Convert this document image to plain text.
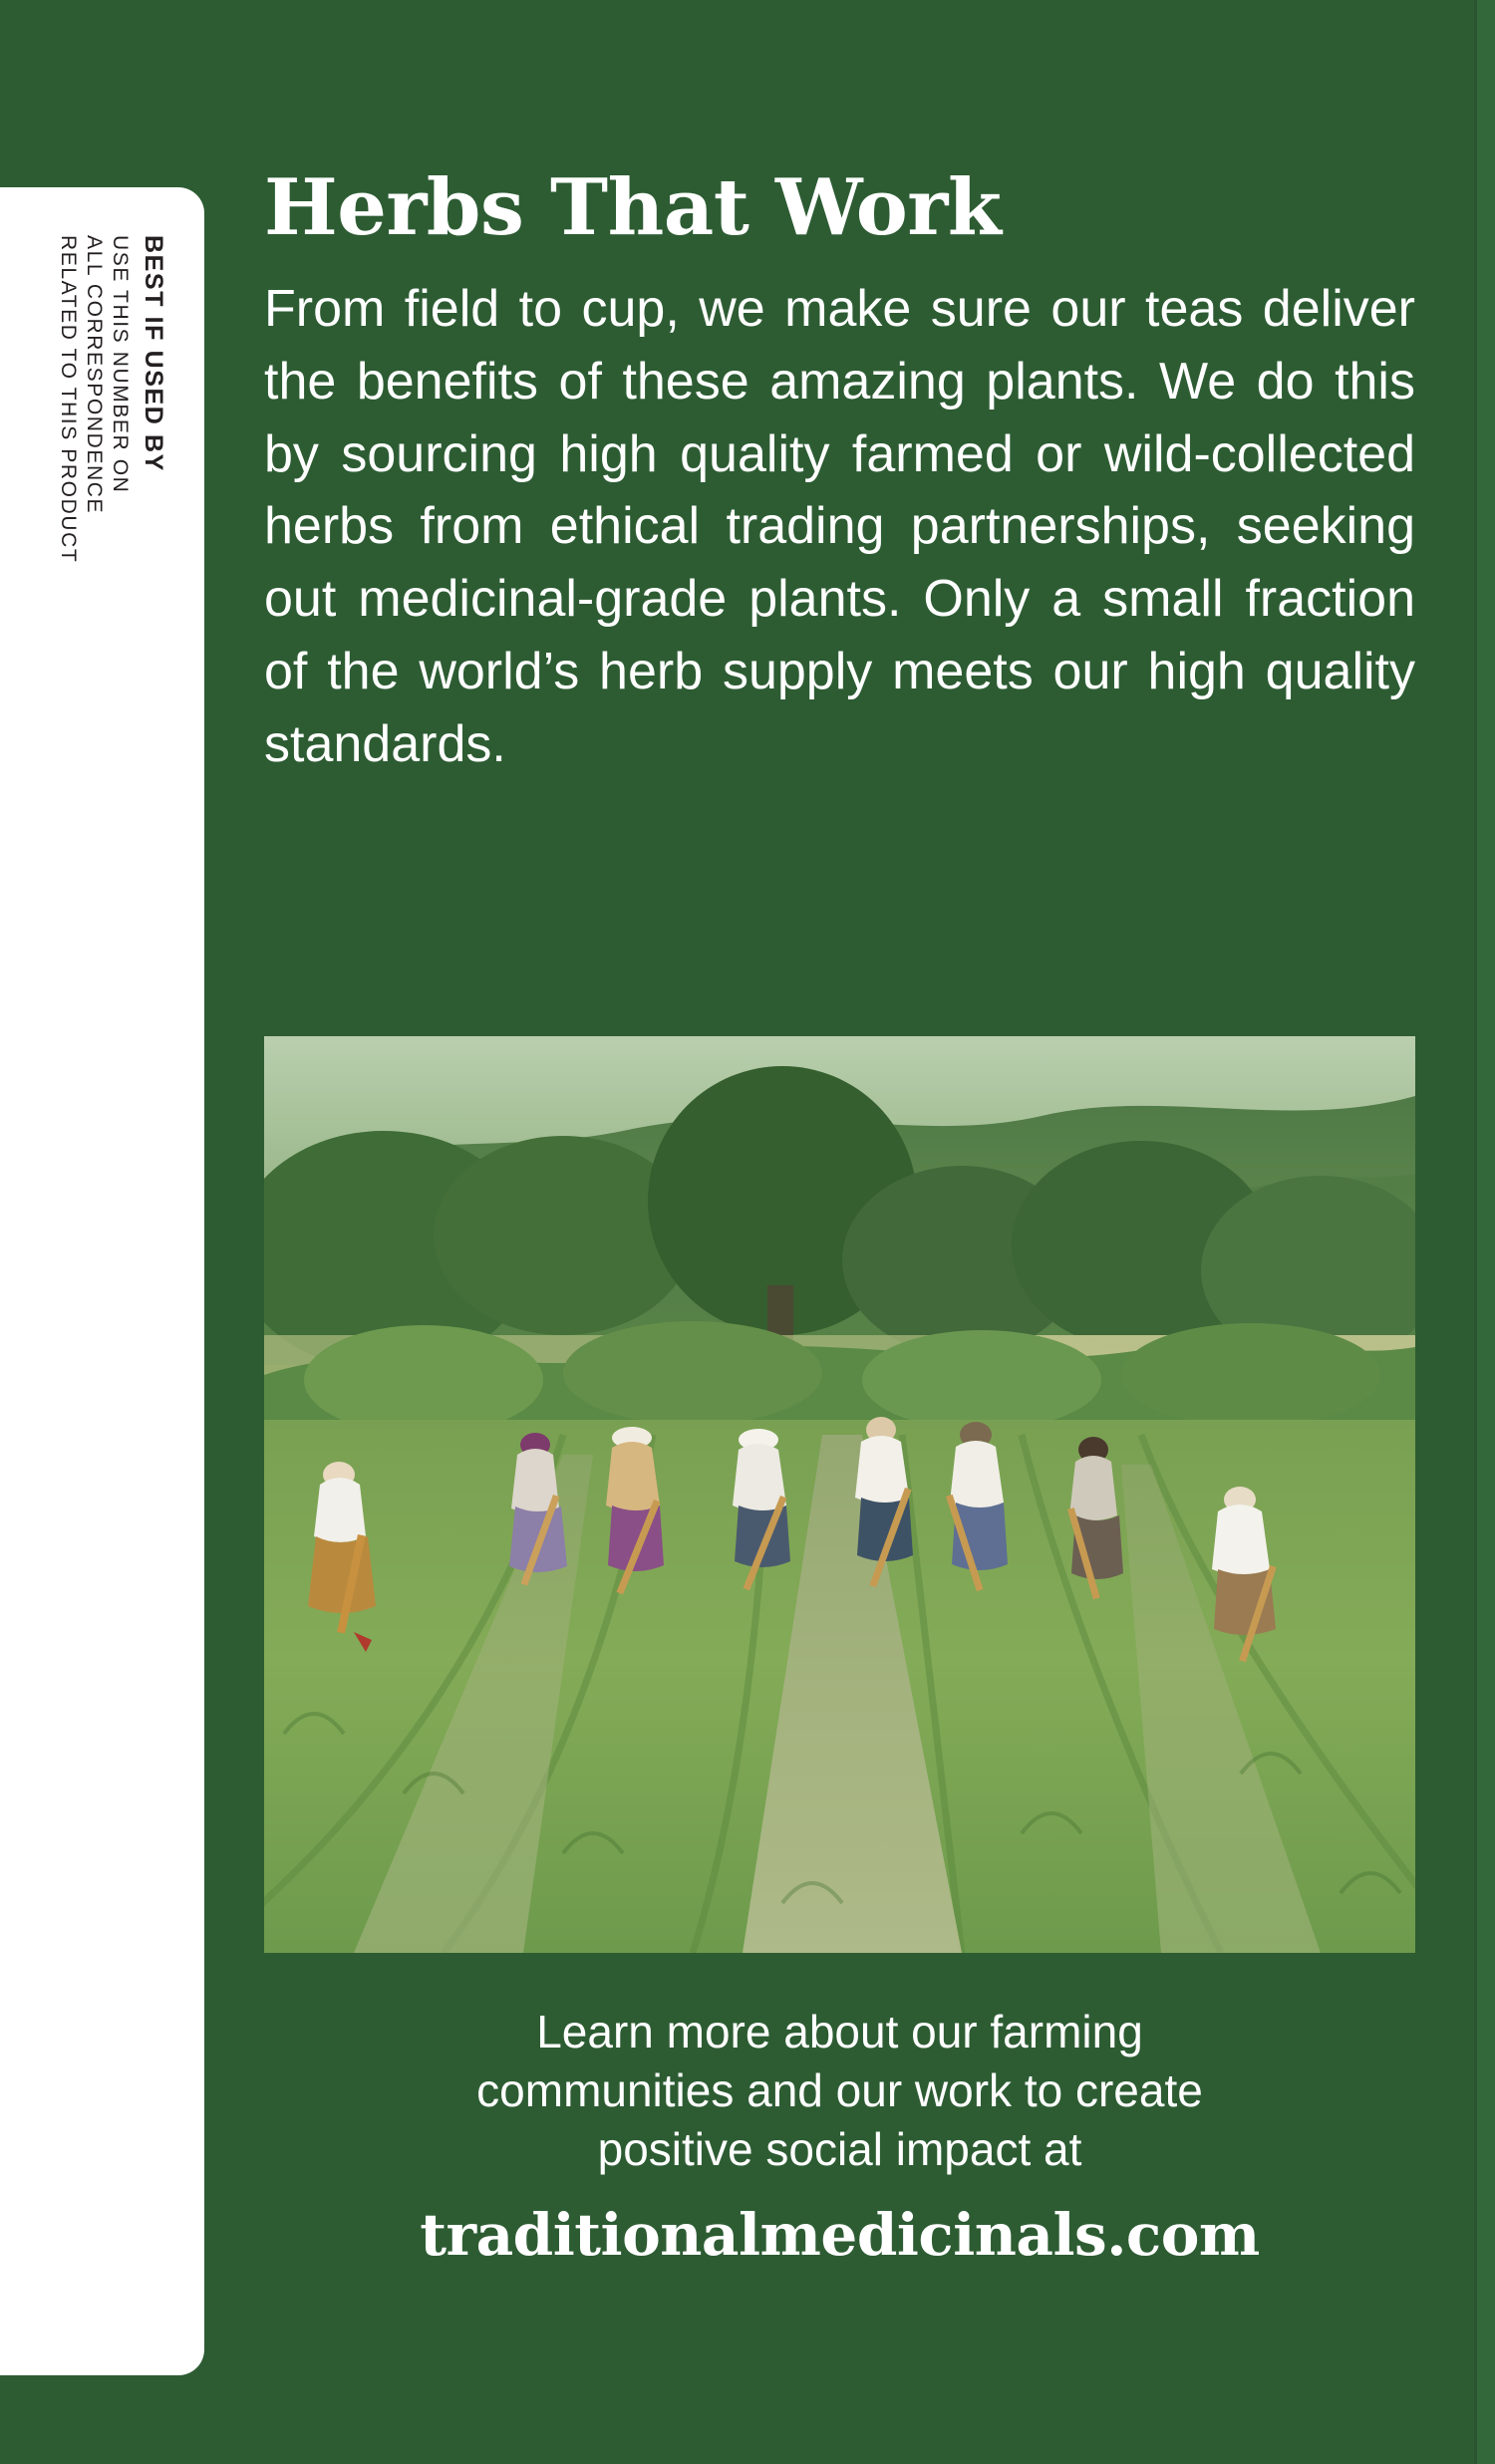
BEST IF USED BY
USE THIS NUMBER ON
ALL CORRESPONDENCE
RELATED TO THIS PRODUCT
Herbs That Work

From field to cup, we make sure our teas deliver the benefits of these amazing plants. We do this by sourcing high quality farmed or wild-collected herbs from ethical trading partnerships, seeking out medicinal-grade plants. Only a small fraction of the world’s herb supply meets our high quality standards.

Learn more about our farming
communities and our work to create
positive social impact at
traditionalmedicinals.com
